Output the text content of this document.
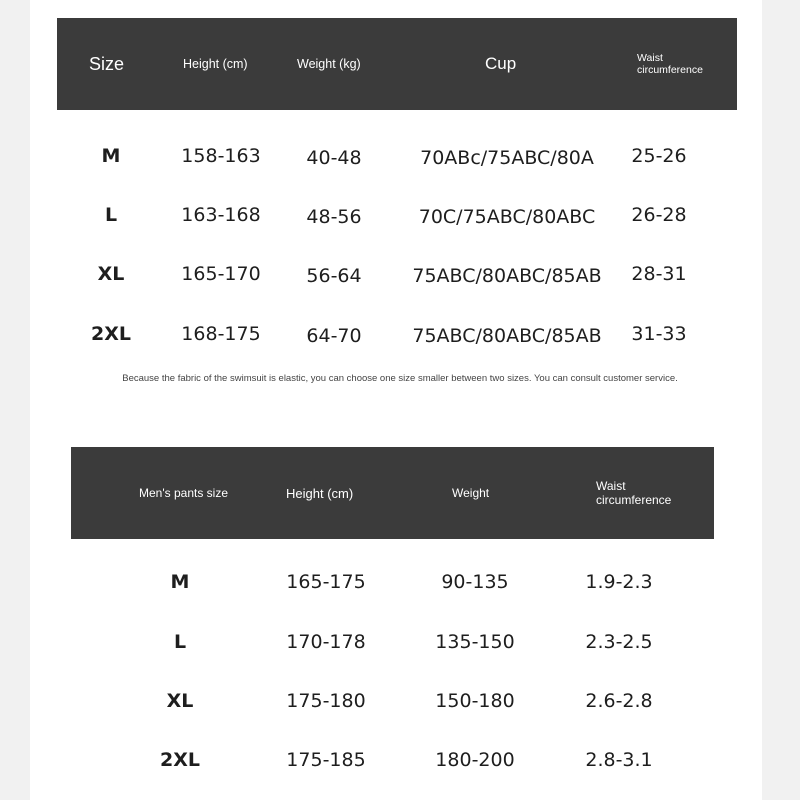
Size	Height (cm)	Weight (kg)	Cup	Waist
circumference
M	158-163 40-48	70ABc/75ABC/80A 25-26
L	163-168 48-56	70C/75ABC/80ABC 26-28
XL	165-170 56-64	75ABC/80ABC/85AB 28-31
2XL	168-175 64-70	75ABC/80ABC/85AB 31-33
Because the fabric of the swimsuit is elastic, you can choose one size smaller between two sizes. You can consult customer service.
Men's pants size	Height (cm)	Weight	Waist
circumference
M	165-175	90-135	1.9-2.3
L	170-178	135-150	2.3-2.5
XL	175-180	150-180	2.6-2.8
2XL	175-185	180-200	2.8-3.1
